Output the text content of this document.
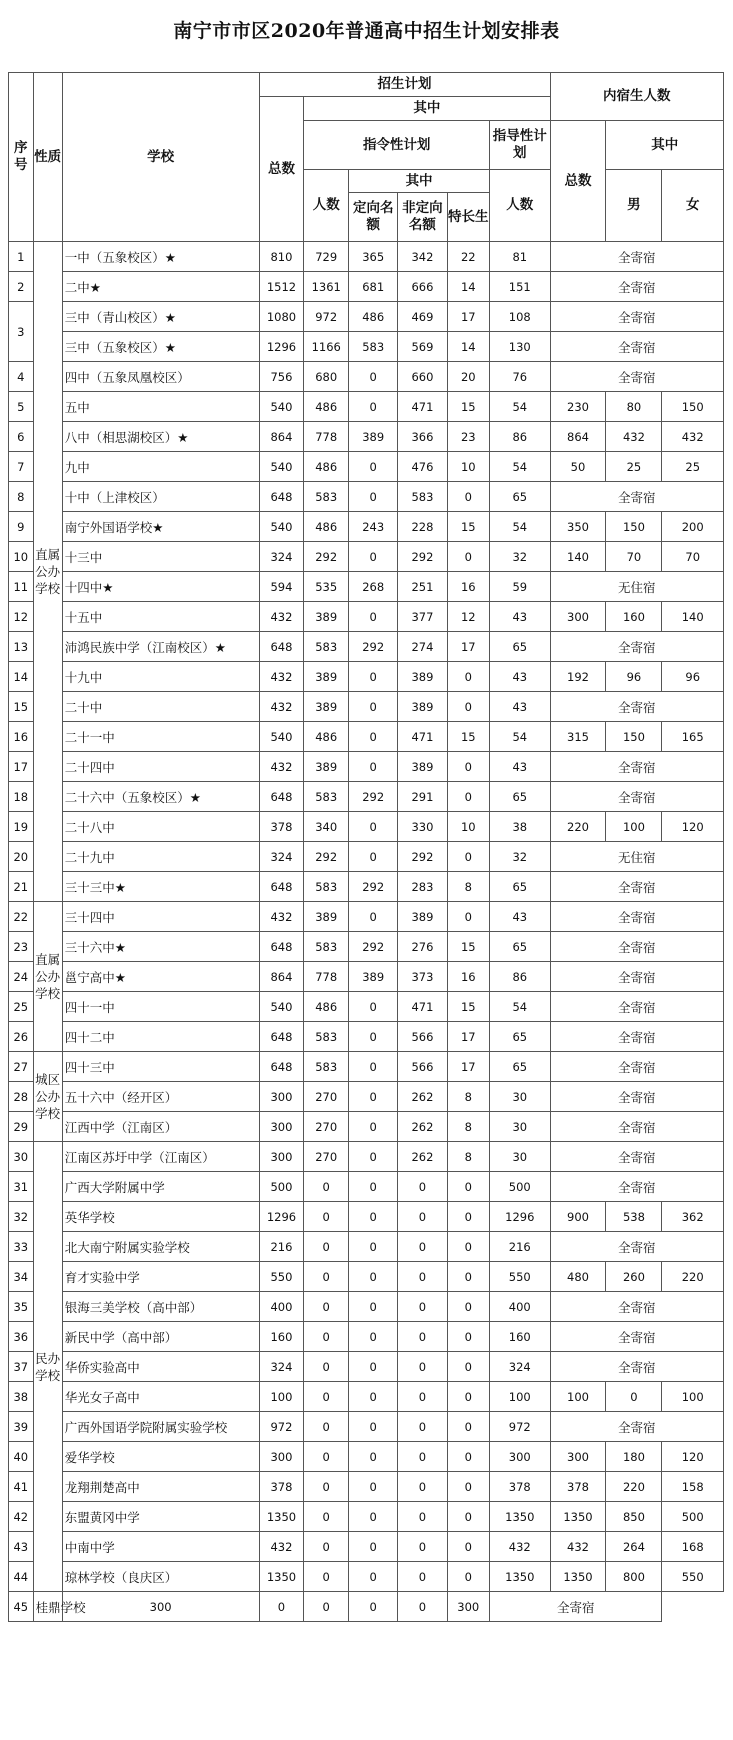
南宁市市区2020年普通高中招生计划安排表
序号	性质	学校	招生计划						内宿生人数		
			总数	其中							
				指令性计划				指导性计划	总数	其中	
				人数	其中			人数		男	女
					定向名额	非定向名额	特长生				
1	直属公办学校	一中（五象校区）★	810	729	365	342	22	81	全寄宿		
2		二中★	1512	1361	681	666	14	151	全寄宿		
3		三中（青山校区）★	1080	972	486	469	17	108	全寄宿		
		三中（五象校区）★	1296	1166	583	569	14	130	全寄宿		
4		四中（五象凤凰校区）	756	680	0	660	20	76	全寄宿		
5		五中	540	486	0	471	15	54	230	80	150
6		八中（相思湖校区）★	864	778	389	366	23	86	864	432	432
7		九中	540	486	0	476	10	54	50	25	25
8		十中（上津校区）	648	583	0	583	0	65	全寄宿		
9		南宁外国语学校★	540	486	243	228	15	54	350	150	200
10		十三中	324	292	0	292	0	32	140	70	70
11		十四中★	594	535	268	251	16	59	无住宿		
12		十五中	432	389	0	377	12	43	300	160	140
13		沛鸿民族中学（江南校区）★	648	583	292	274	17	65	全寄宿		
14		十九中	432	389	0	389	0	43	192	96	96
15		二十中	432	389	0	389	0	43	全寄宿		
16		二十一中	540	486	0	471	15	54	315	150	165
17		二十四中	432	389	0	389	0	43	全寄宿		
18		二十六中（五象校区）★	648	583	292	291	0	65	全寄宿		
19		二十八中	378	340	0	330	10	38	220	100	120
20		二十九中	324	292	0	292	0	32	无住宿		
21		三十三中★	648	583	292	283	8	65	全寄宿		
22	直属公办学校	三十四中	432	389	0	389	0	43	全寄宿		
23		三十六中★	648	583	292	276	15	65	全寄宿		
24		邕宁高中★	864	778	389	373	16	86	全寄宿		
25		四十一中	540	486	0	471	15	54	全寄宿		
26		四十二中	648	583	0	566	17	65	全寄宿		
27	城区公办学校	四十三中	648	583	0	566	17	65	全寄宿		
28		五十六中（经开区）	300	270	0	262	8	30	全寄宿		
29		江西中学（江南区）	300	270	0	262	8	30	全寄宿		
30	民办学校	江南区苏圩中学（江南区）	300	270	0	262	8	30	全寄宿		
31		广西大学附属中学	500	0	0	0	0	500	全寄宿		
32		英华学校	1296	0	0	0	0	1296	900	538	362
33		北大南宁附属实验学校	216	0	0	0	0	216	全寄宿		
34		育才实验中学	550	0	0	0	0	550	480	260	220
35		银海三美学校（高中部）	400	0	0	0	0	400	全寄宿		
36		新民中学（高中部）	160	0	0	0	0	160	全寄宿		
37		华侨实验高中	324	0	0	0	0	324	全寄宿		
38		华光女子高中	100	0	0	0	0	100	100	0	100
39		广西外国语学院附属实验学校	972	0	0	0	0	972	全寄宿		
40		爱华学校	300	0	0	0	0	300	300	180	120
41		龙翔荆楚高中	378	0	0	0	0	378	378	220	158
42		东盟黄冈中学	1350	0	0	0	0	1350	1350	850	500
43		中南中学	432	0	0	0	0	432	432	264	168
44		琼林学校（良庆区）	1350	0	0	0	0	1350	1350	800	550
45	桂鼎学校	300	0	0	0	0	300	全寄宿			
